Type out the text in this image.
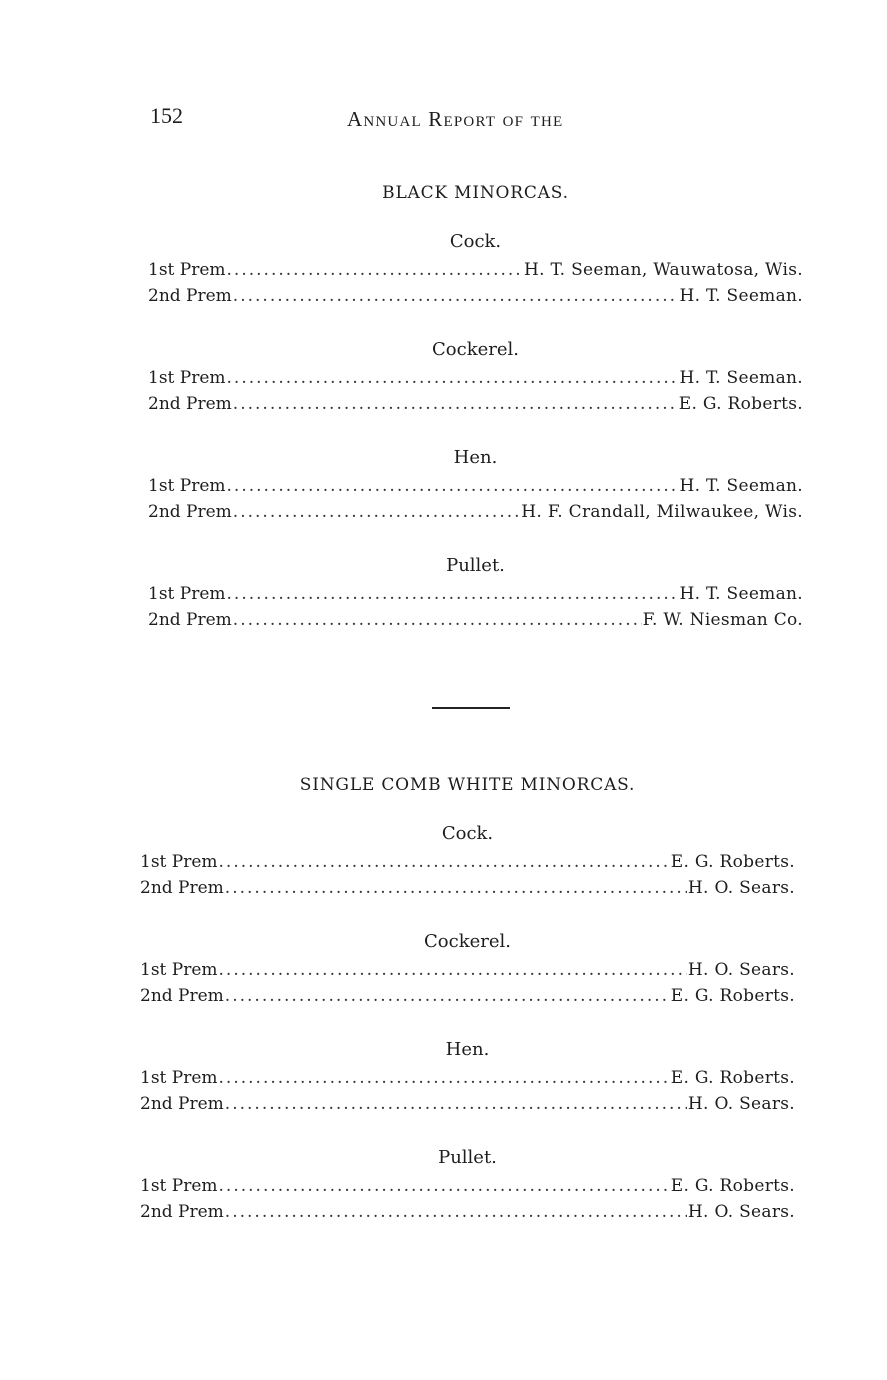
152	Annual Report of the
BLACK MINORCAS.
Cock.
1st Prem .....	H. T. Seeman, Wauwatosa, Wis.
2nd Prem .....	H. T. Seeman.
Cockerel.
1st Prem .....	H. T. Seeman.
2nd Prem .....	E. G. Roberts.
Hen.
1st Prem .....	H. T. Seeman.
2nd Prem .....	H. F. Crandall, Milwaukee, Wis.
Pullet.
1st Prem .....	H. T. Seeman.
2nd Prem .....	F. W. Niesman Co.
SINGLE COMB WHITE MINORCAS.
Cock.
1st Prem .....	E. G. Roberts.
2nd Prem .....	H. O. Sears.
Cockerel.
1st Prem .....	H. O. Sears.
2nd Prem .....	E. G. Roberts.
Hen.
1st Prem .....	E. G. Roberts.
2nd Prem .....	H. O. Sears.
Pullet.
1st Prem .....	E. G. Roberts.
2nd Prem .....	H. O. Sears.
